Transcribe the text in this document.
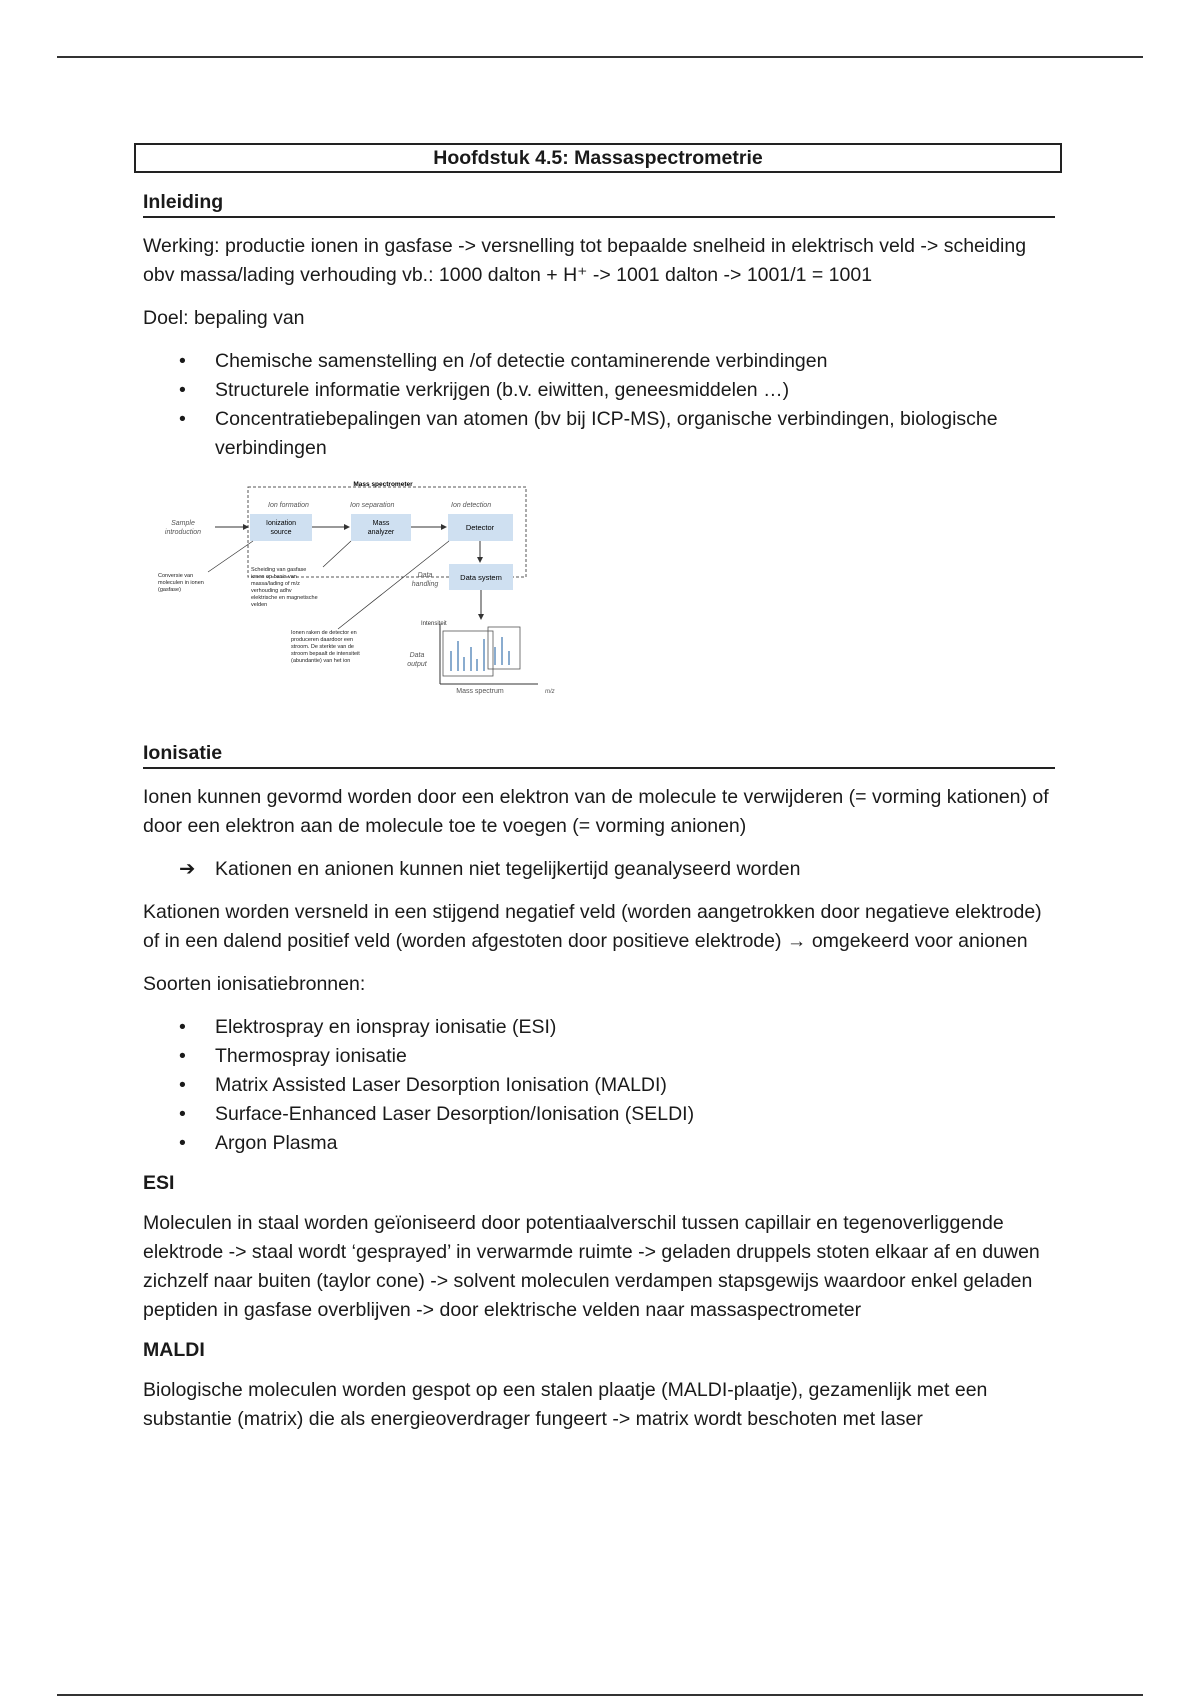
Hoofdstuk 4.5: Massaspectrometrie
Inleiding

Werking: productie ionen in gasfase -> versnelling tot bepaalde snelheid in elektrisch veld -> scheiding obv massa/lading verhouding vb.: 1000 dalton + H⁺ -> 1001 dalton -> 1001/1 = 1001

Doel: bepaling van

• Chemische samenstelling en /of detectie contaminerende verbindingen
• Structurele informatie verkrijgen (b.v. eiwitten, geneesmiddelen …)
• Concentratiebepalingen van atomen (bv bij ICP-MS), organische verbindingen, biologische verbindingen
Mass spectrometer
Ion formation	Ion separation	Ion detection
Sample
introduction
Ionization
source
Mass
analyzer
Detector
Data system
Data
handling
Intensiteit
Data
output
Mass spectrum	m/z
Conversie van
moleculen in ionen
(gasfase)
Scheiding van gasfase
ionen op basis van
massa/lading of m/z
verhouding adhv
elektrische en magnetische
velden
Ionen raken de detector en
produceren daardoor een
stroom. De sterkte van de
stroom bepaalt de intensiteit
(abundantie) van het ion
Ionisatie

Ionen kunnen gevormd worden door een elektron van de molecule te verwijderen (= vorming kationen) of door een elektron aan de molecule toe te voegen (= vorming anionen)

➔ Kationen en anionen kunnen niet tegelijkertijd geanalyseerd worden

Kationen worden versneld in een stijgend negatief veld (worden aangetrokken door negatieve elektrode) of in een dalend positief veld (worden afgestoten door positieve elektrode) → omgekeerd voor anionen

Soorten ionisatiebronnen:

• Elektrospray en ionspray ionisatie (ESI)
• Thermospray ionisatie
• Matrix Assisted Laser Desorption Ionisation (MALDI)
• Surface-Enhanced Laser Desorption/Ionisation (SELDI)
• Argon Plasma
ESI

Moleculen in staal worden geïoniseerd door potentiaalverschil tussen capillair en tegenoverliggende elektrode -> staal wordt ‘gesprayed’ in verwarmde ruimte -> geladen druppels stoten elkaar af en duwen zichzelf naar buiten (taylor cone) -> solvent moleculen verdampen stapsgewijs waardoor enkel geladen peptiden in gasfase overblijven -> door elektrische velden naar massaspectrometer

MALDI

Biologische moleculen worden gespot op een stalen plaatje (MALDI-plaatje), gezamenlijk met een substantie (matrix) die als energieoverdrager fungeert -> matrix wordt beschoten met laser
